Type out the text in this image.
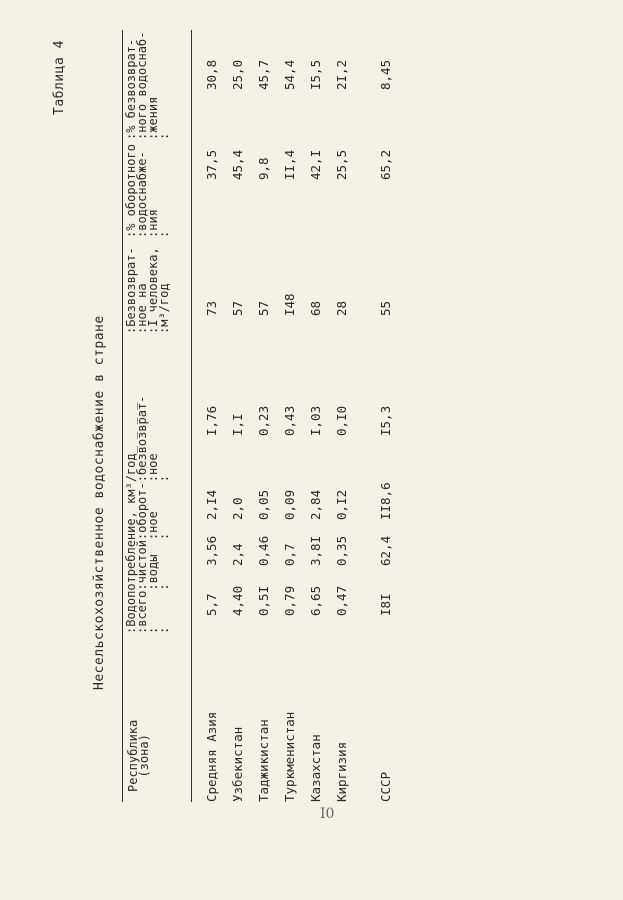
Таблица 4
Несельскохозяйственное водоснабжение в стране
Республика
(зона)
:Водопотребление, км³/год_ _ _ _
:всего:чистой:оборот-:безвозврат-
:     :воды  :ное    :ное
:     :      :       :
:Безвозврат-
:ное на
:I человека,
:м³/год
:% оборотного
:водоснабже-
:ния
:
:% безвозврат-
:ного водоснаб-
:жения
:
Средняя Азия
5,7
3,56
2,I4
I,76
73
37,5
30,8
Узбекистан
4,40
2,4
2,0
I,I
57
45,4
25,0
Таджикистан
0,5I
0,46
0,05
0,23
57
9,8
45,7
Туркменистан
0,79
0,7
0,09
0,43
I48
II,4
54,4
Казахстан
6,65
3,8I
2,84
I,03
68
42,I
I5,5
Киргизия
0,47
0,35
0,I2
0,I0
28
25,5
2I,2
СССР
I8I
62,4
II8,6
I5,3
55
65,2
8,45
I0
